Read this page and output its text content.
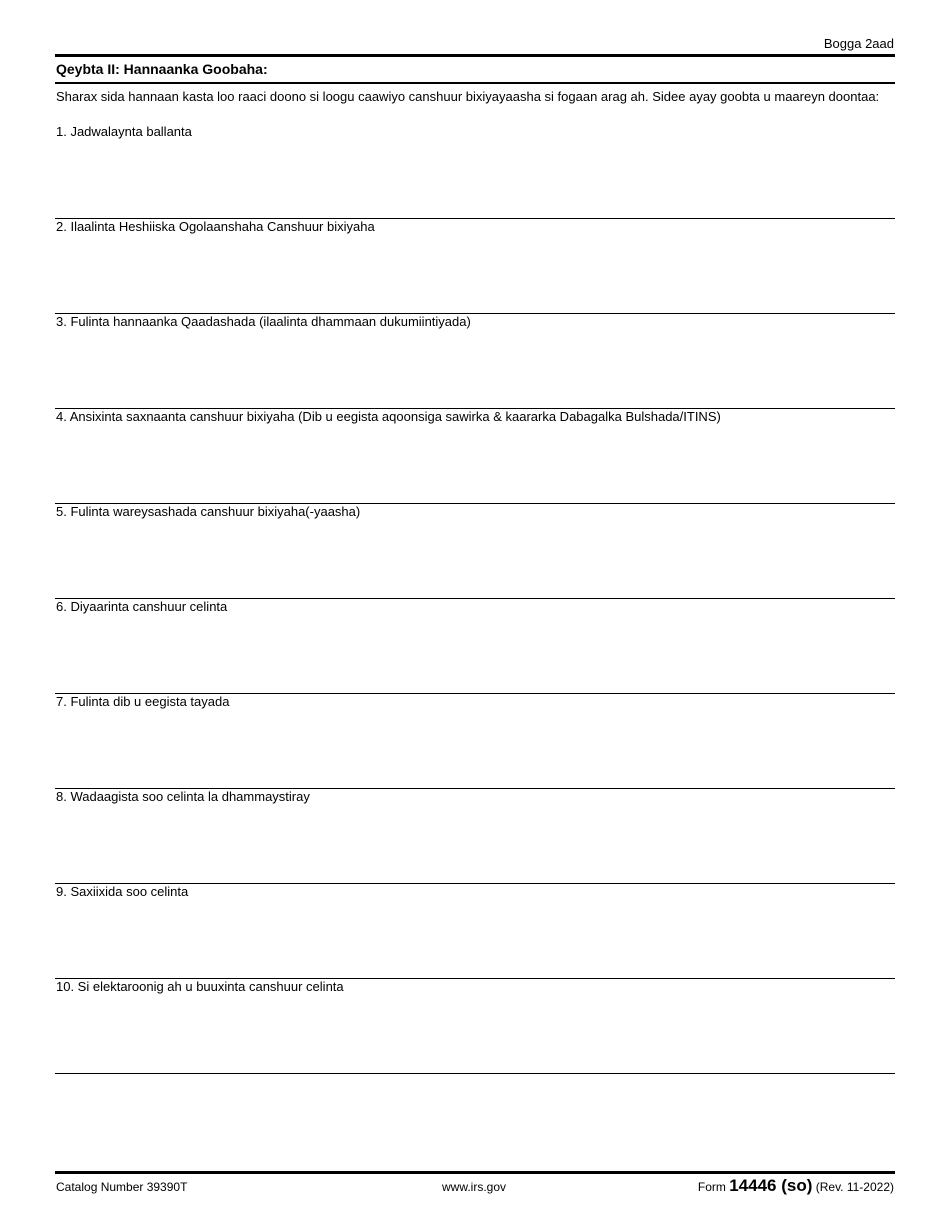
Bogga 2aad
Qeybta II: Hannaanka Goobaha:
Sharax sida hannaan kasta loo raaci doono si loogu caawiyo canshuur bixiyayaasha si fogaan arag ah. Sidee ayay goobta u maareyn doontaa:
1. Jadwalaynta ballanta
2. Ilaalinta Heshiiska Ogolaanshaha Canshuur bixiyaha
3. Fulinta hannaanka Qaadashada (ilaalinta dhammaan dukumiintiyada)
4. Ansixinta saxnaanta canshuur bixiyaha (Dib u eegista aqoonsiga sawirka & kaararka Dabagalka Bulshada/ITINS)
5. Fulinta wareysashada canshuur bixiyaha(-yaasha)
6. Diyaarinta canshuur celinta
7. Fulinta dib u eegista tayada
8. Wadaagista soo celinta la dhammaystiray
9. Saxiixida soo celinta
10. Si elektaroonig ah u buuxinta canshuur celinta
Catalog Number 39390T	www.irs.gov	Form 14446 (so) (Rev. 11-2022)
